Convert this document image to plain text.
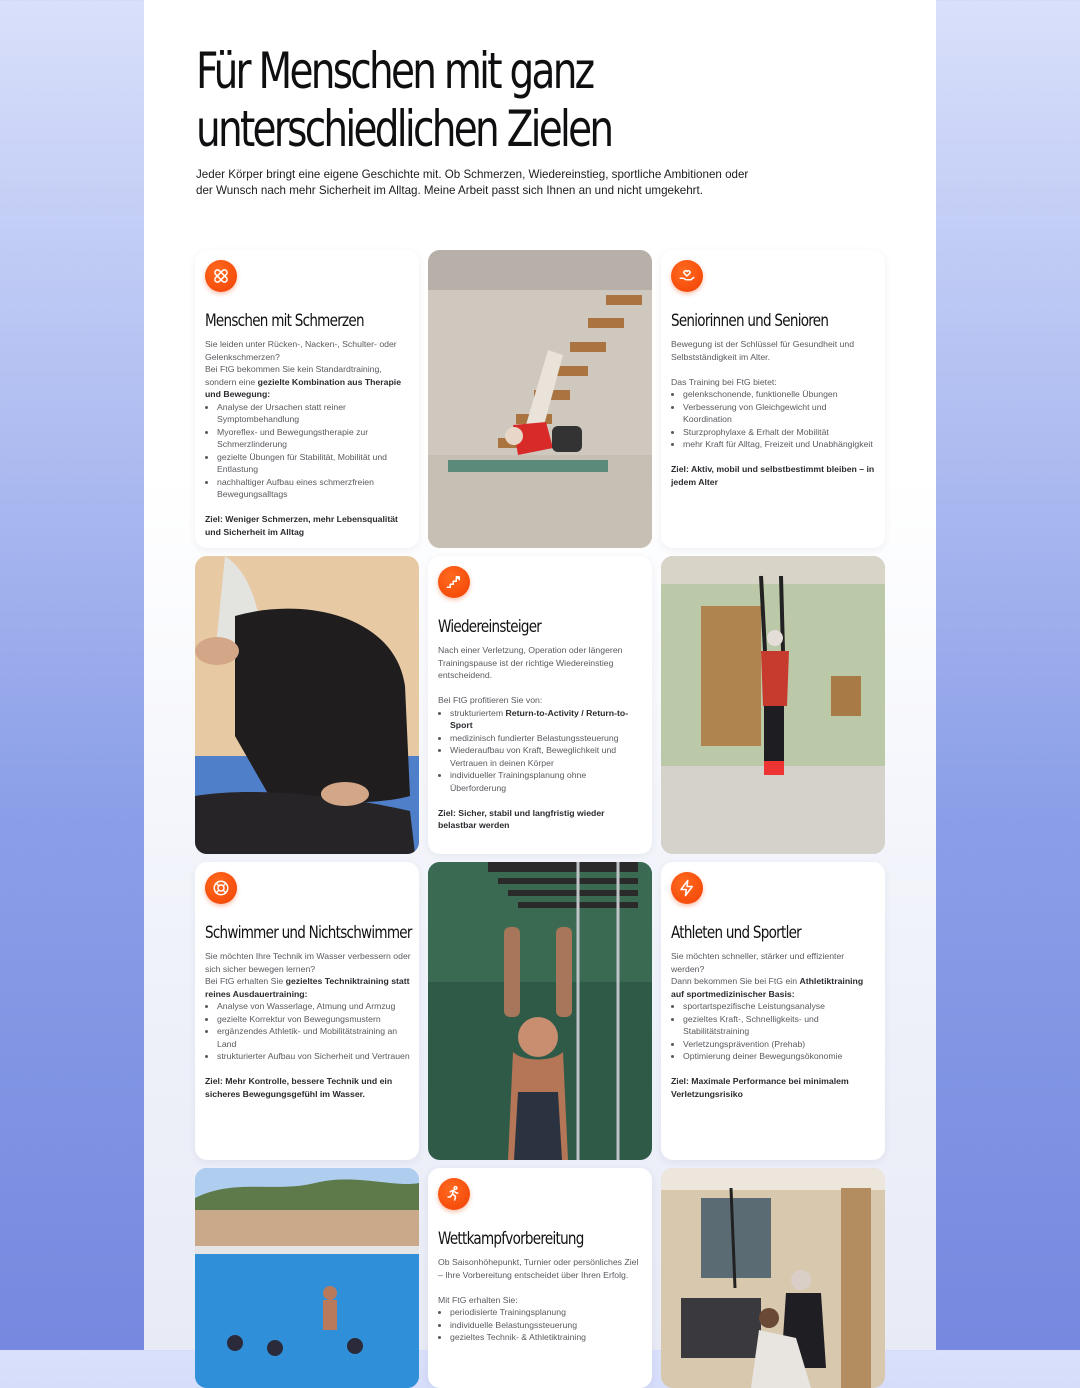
Für Menschen mit ganz
unterschiedlichen Zielen

Jeder Körper bringt eine eigene Geschichte mit. Ob Schmerzen, Wiedereinstieg, sportliche Ambitionen oder der Wunsch nach mehr Sicherheit im Alltag. Meine Arbeit passt sich Ihnen an und nicht umgekehrt.

Menschen mit Schmerzen

Sie leiden unter Rücken-, Nacken-, Schulter- oder Gelenkschmerzen?

Bei FtG bekommen Sie kein Standardtraining, sondern eine gezielte Kombination aus Therapie und Bewegung:

• Analyse der Ursachen statt reiner Symptombehandlung
• Myoreflex- und Bewegungstherapie zur Schmerzlinderung
• gezielte Übungen für Stabilität, Mobilität und Entlastung
• nachhaltiger Aufbau eines schmerzfreien Bewegungsalltags

Ziel: Weniger Schmerzen, mehr Lebensqualität und Sicherheit im Alltag

Seniorinnen und Senioren

Bewegung ist der Schlüssel für Gesundheit und Selbstständigkeit im Alter.

Das Training bei FtG bietet:

• gelenkschonende, funktionelle Übungen
• Verbesserung von Gleichgewicht und Koordination
• Sturzprophylaxe & Erhalt der Mobilität
• mehr Kraft für Alltag, Freizeit und Unabhängigkeit

Ziel: Aktiv, mobil und selbstbestimmt bleiben – in jedem Alter

Wiedereinsteiger

Nach einer Verletzung, Operation oder längeren Trainingspause ist der richtige Wiedereinstieg entscheidend.

Bei FtG profitieren Sie von:

• strukturiertem Return-to-Activity / Return-to-Sport
• medizinisch fundierter Belastungssteuerung
• Wiederaufbau von Kraft, Beweglichkeit und Vertrauen in deinen Körper
• individueller Trainingsplanung ohne Überforderung

Ziel: Sicher, stabil und langfristig wieder belastbar werden

Schwimmer und Nichtschwimmer

Sie möchten Ihre Technik im Wasser verbessern oder sich sicher bewegen lernen?

Bei FtG erhalten Sie gezieltes Techniktraining statt reines Ausdauertraining:

• Analyse von Wasserlage, Atmung und Armzug
• gezielte Korrektur von Bewegungsmustern
• ergänzendes Athletik- und Mobilitätstraining an Land
• strukturierter Aufbau von Sicherheit und Vertrauen

Ziel: Mehr Kontrolle, bessere Technik und ein sicheres Bewegungsgefühl im Wasser.

Athleten und Sportler

Sie möchten schneller, stärker und effizienter werden?

Dann bekommen Sie bei FtG ein Athletiktraining auf sportmedizinischer Basis:

• sportartspezifische Leistungsanalyse
• gezieltes Kraft-, Schnelligkeits- und Stabilitätstraining
• Verletzungsprävention (Prehab)
• Optimierung deiner Bewegungsökonomie

Ziel: Maximale Performance bei minimalem Verletzungsrisiko

Wettkampfvorbereitung

Ob Saisonhöhepunkt, Turnier oder persönliches Ziel – Ihre Vorbereitung entscheidet über Ihren Erfolg.

Mit FtG erhalten Sie:

• periodisierte Trainingsplanung
• individuelle Belastungssteuerung
• gezieltes Technik- & Athletiktraining
